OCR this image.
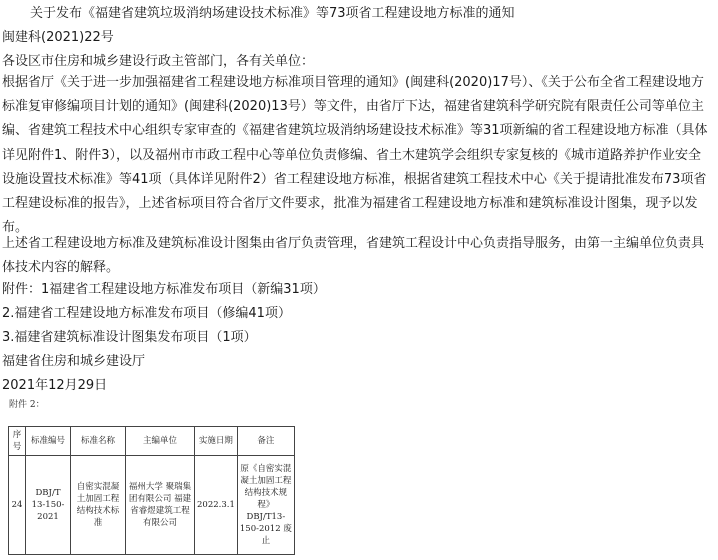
关于发布《福建省建筑垃圾消纳场建设技术标准》等73项省工程建设地方标准的通知
闽建科(2021)22号
各设区市住房和城乡建设行政主管部门，各有关单位：
根据省厅《关于进一步加强福建省工程建设地方标准项目管理的通知》(闽建科(2020)17号）、《关于公布全省工程建设地方标准复审修编项目计划的通知》(闽建科(2020)13号）等文件，由省厅下达，福建省建筑科学研究院有限责任公司等单位主编、省建筑工程技术中心组织专家审查的《福建省建筑垃圾消纳场建设技术标准》等31项新编的省工程建设地方标准（具体详见附件1、附件3），以及福州市市政工程中心等单位负责修编、省土木建筑学会组织专家复核的《城市道路养护作业安全设施设置技术标准》等41项（具体详见附件2）省工程建设地方标准，根据省建筑工程技术中心《关于提请批准发布73项省工程建设标准的报告》，上述省标项目符合省厅文件要求，批准为福建省工程建设地方标准和建筑标准设计图集，现予以发布。
上述省工程建设地方标准及建筑标准设计图集由省厅负责管理，省建筑工程设计中心负责指导服务，由第一主编单位负责具体技术内容的解释。
附件：1福建省工程建设地方标准发布项目（新编31项）
2.福建省工程建设地方标准发布项目（修编41项）
3.福建省建筑标准设计图集发布项目（1项）
福建省住房和城乡建设厅
2021年12月29日
附件 2：
序号	标准编号	标准名称	主编单位	实施日期	备注
24	DBJ/T 13-150-2021	自密实混凝土加固工程结构技术标准	福州大学 聚瑞集团有限公司 福建省睿煜建筑工程有限公司	2022.3.1	原《自密实混凝土加固工程结构技术规程》DBJ/T13-150-2012 废止
